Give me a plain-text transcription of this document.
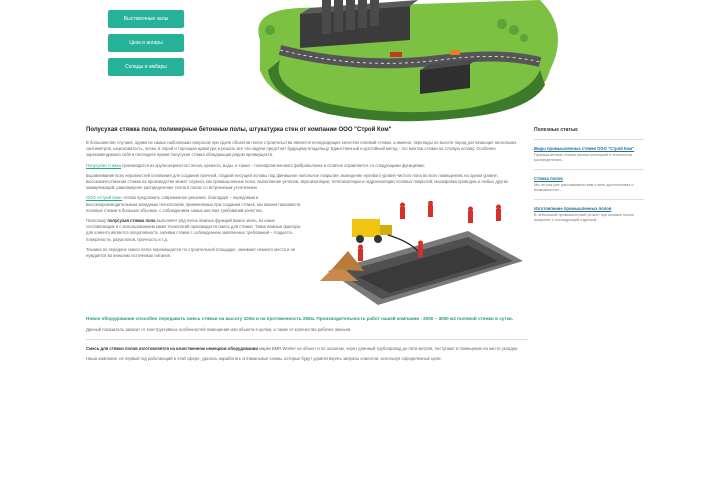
Выставочные залы
Цеха и ангары
Склады и амбары
Полусухая стяжка пола, полимерные бетонные полы, штукатурка стен от компании ООО "Строй Ком"

В большинстве случаев, одним из самых наболевших вопросов при сдаче объектов после строительства является неподходящее качество половой стяжки, а именно: перепады по высоте пород достигающие нескольких сантиметров, шероховатость, пески, в порой и торчащая арматура и решать все эти задачи предстоит будущему владельцу. Единственный и достойный метод - это монтаж стяжки на готовую основу. Особенно зарекомендовала себя в последнее время полусухая стяжка обладающая рядом преимуществ.

Полусухая стяжка производится из крупнозернистого песка, цемента, воды, и также – полипропиленового фиброволокна и отлично справляется со следующими функциями:

выравнивание всех неровностей основания для создания прочной, гладкой несущей основы под финишное напольное покрытие; выведение нулевого уровня чистого пола во всех помещениях на одном уровне; высококачественная стяжка на производстве может служить как промышленные полы; выполнение уклонов, звукоизоляции, теплоизоляции и гидроизоляции половых покрытий; маскировка проводов и любых других коммуникаций; равномерное распределение тепла в полах со встроенным утеплением

ООО «Строй Ком» готова предложить современное решение, благодаря – передовым и высокопроизводительным западным технологиям, применяемых при создании стяжек, мы можем произвести половые стяжки в больших объемах, с соблюдением самых жестких требований качества.

Поскольку полусухая стяжка пола выполняет ряд очень важных функций важно знать, из каких составляющих и с использованием каких технологий производится смесь для стяжки. Такие важные факторы для клиента является оперативность заливки стяжки с соблюдением заявленных требований – гладкость поверхности, разуклонов, прочность и т.д.

Техника по передаче смеси легко перемещается по строительной площадке, занимает немного места и не нуждается во внешних источниках питания.

Новое оборудование способно передавать смесь стяжки на высоту 100м и на протяженность 250м. Производительность работ нашей компании - 2000 – 3000 м2 половой стяжки в сутки.

Данный показатель зависит от конструктивных особенностей помещения или объекта в целом, а также от количества рабочих звеньев.

Смесь для стяжки полов изготовляется на качественном немецком оборудовании марки BMR Worker на объект и по шлангам, через длинный трубопровод до пяти метров, поступают в помещение на место укладки.

Наша компания, не первый год работающий в этой сфере, удалось наработать оптимальные схемы, которые будут удовлетворять запросы клиентов, используя определенные цели.

Полезные статьи:
Виды промышленных стяжек ООО "Строй Ком"
Промышленные стяжки разных категорий и технологии распределения...
Стяжка полов
Мы не раз уже рассказывали вам о всех достоинствах и возможностях...
Изготовление промышленных полов
В небольшой промышленный регион при заливке полов покрытие с последующей отделкой...
